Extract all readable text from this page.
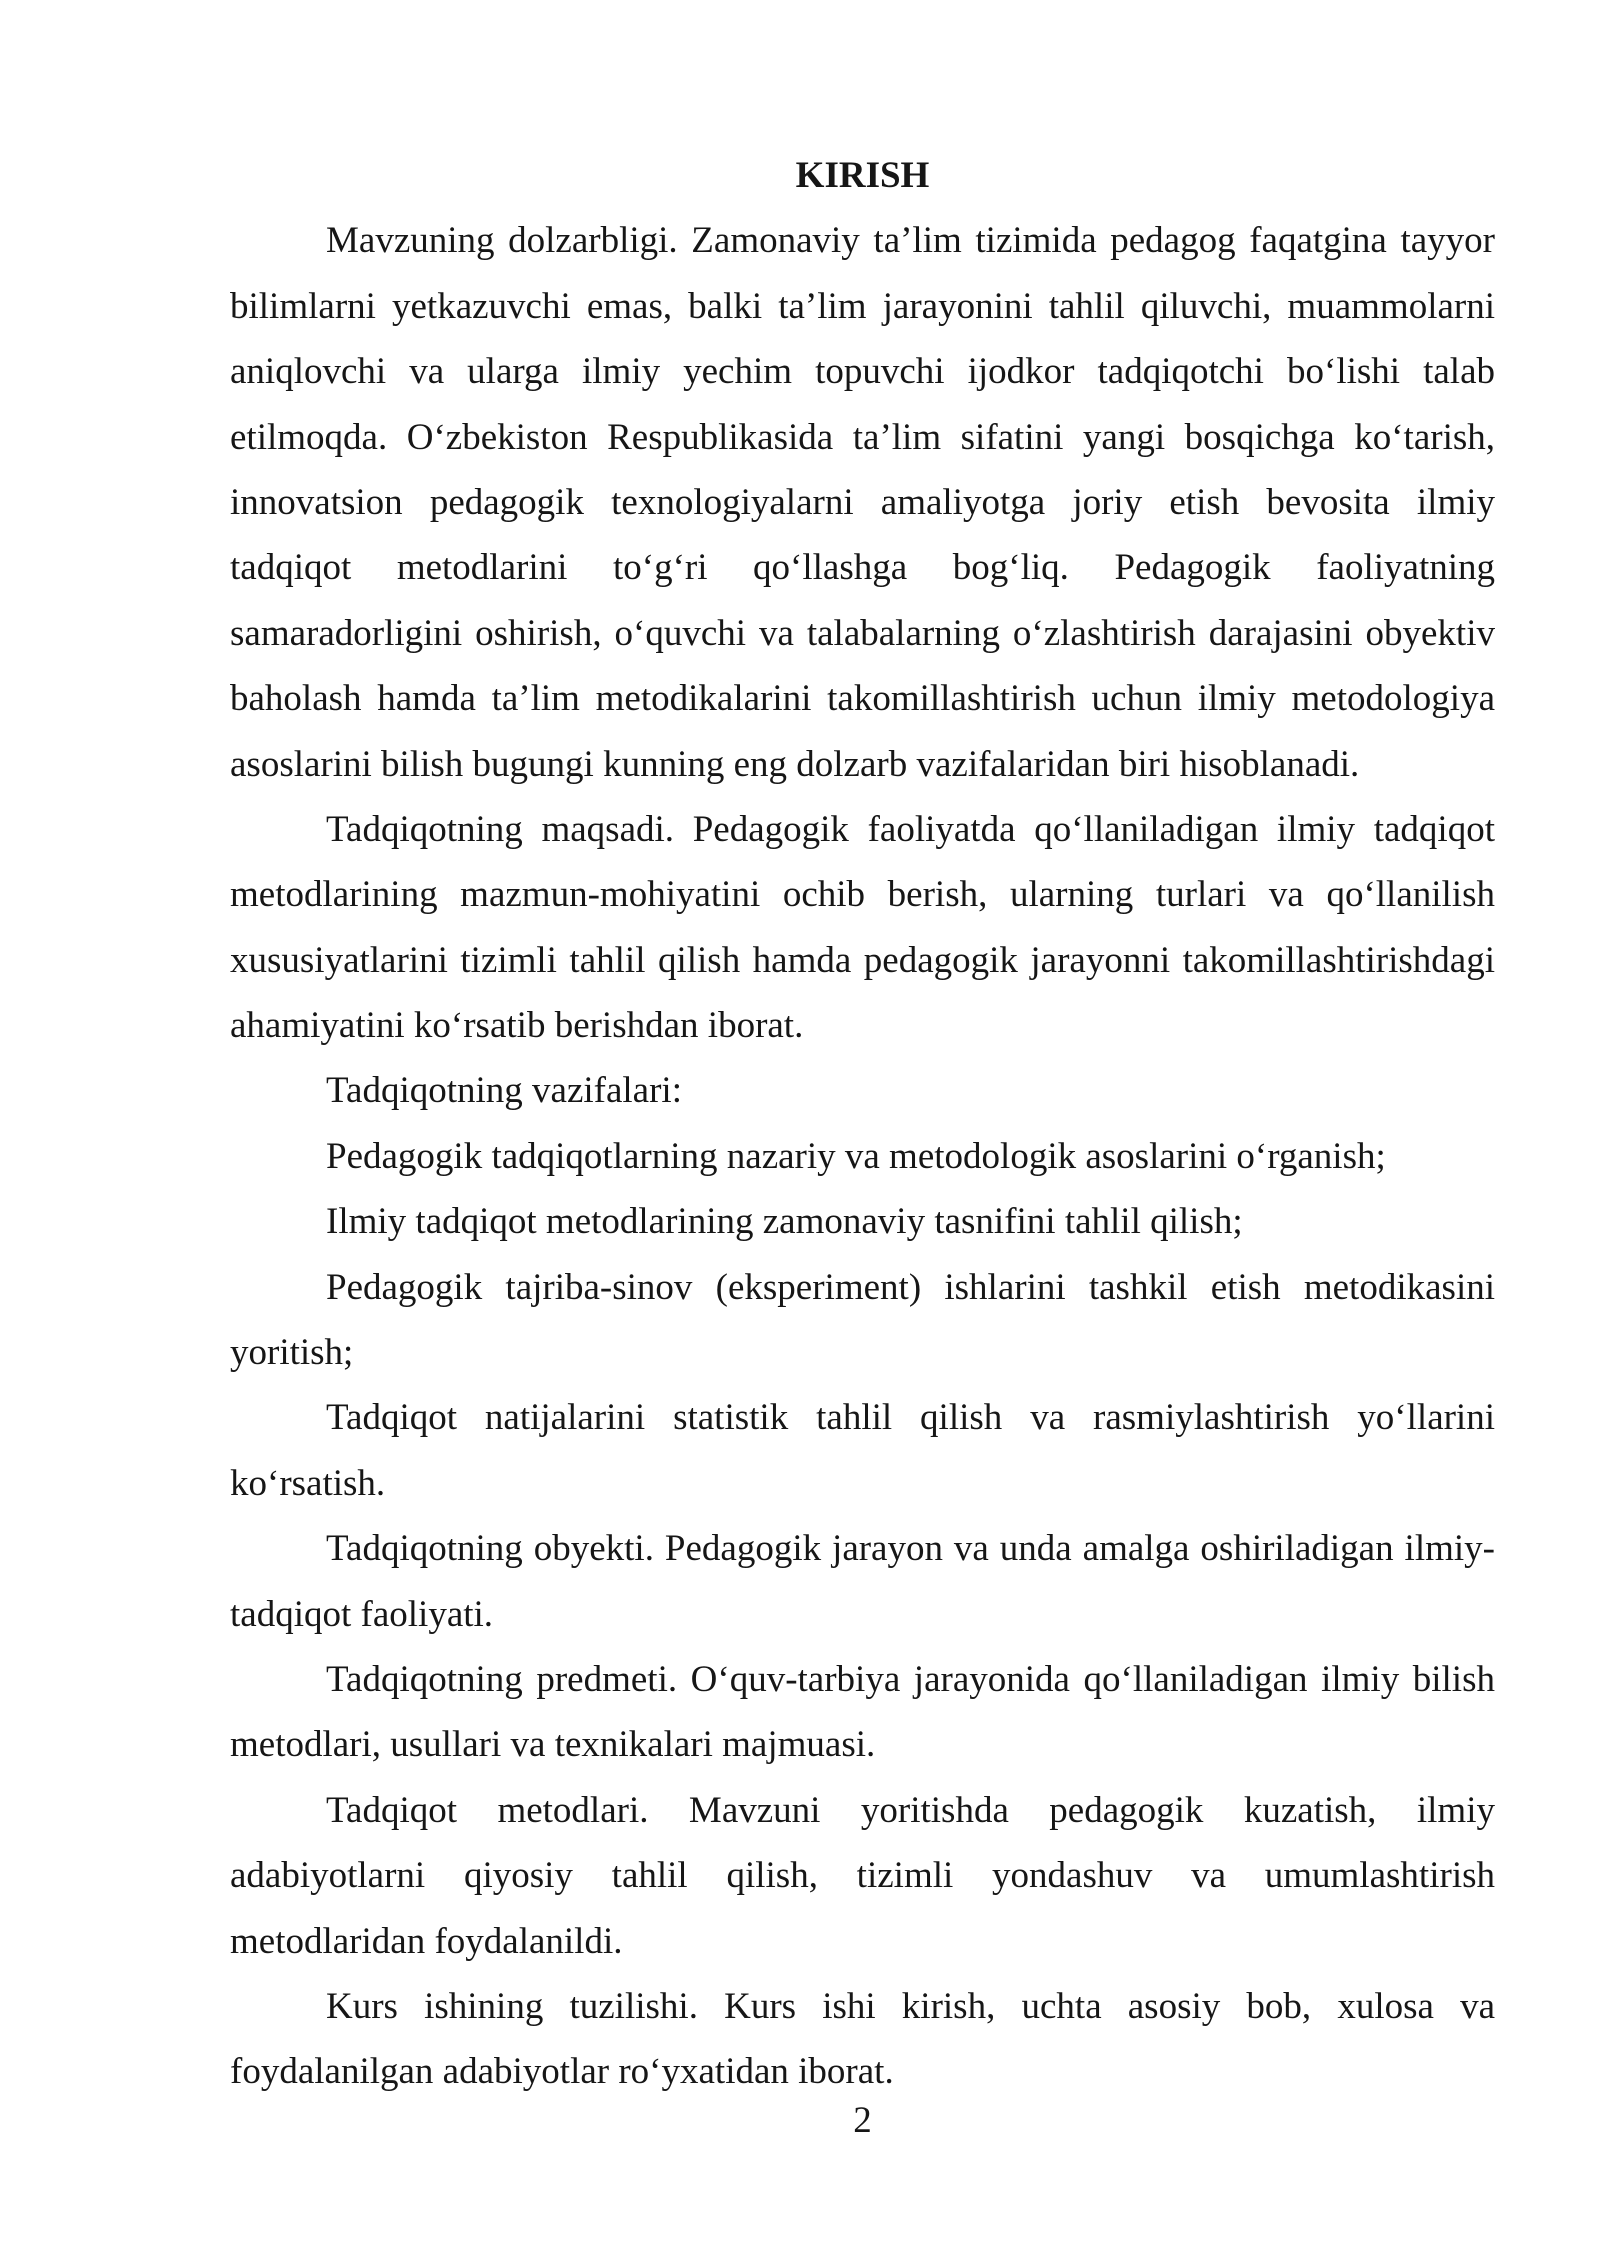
KIRISH
Mavzuning dolzarbligi. Zamonaviy ta’lim tizimida pedagog faqatgina tayyor
bilimlarni yetkazuvchi emas, balki ta’lim jarayonini tahlil qiluvchi, muammolarni
aniqlovchi va ularga ilmiy yechim topuvchi ijodkor tadqiqotchi bo‘lishi talab
etilmoqda. O‘zbekiston Respublikasida ta’lim sifatini yangi bosqichga ko‘tarish,
innovatsion pedagogik texnologiyalarni amaliyotga joriy etish bevosita ilmiy
tadqiqot metodlarini to‘g‘ri qo‘llashga bog‘liq. Pedagogik faoliyatning
samaradorligini oshirish, o‘quvchi va talabalarning o‘zlashtirish darajasini obyektiv
baholash hamda ta’lim metodikalarini takomillashtirish uchun ilmiy metodologiya
asoslarini bilish bugungi kunning eng dolzarb vazifalaridan biri hisoblanadi.
Tadqiqotning maqsadi. Pedagogik faoliyatda qo‘llaniladigan ilmiy tadqiqot
metodlarining mazmun-mohiyatini ochib berish, ularning turlari va qo‘llanilish
xususiyatlarini tizimli tahlil qilish hamda pedagogik jarayonni takomillashtirishdagi
ahamiyatini ko‘rsatib berishdan iborat.
Tadqiqotning vazifalari:
Pedagogik tadqiqotlarning nazariy va metodologik asoslarini o‘rganish;
Ilmiy tadqiqot metodlarining zamonaviy tasnifini tahlil qilish;
Pedagogik tajriba-sinov (eksperiment) ishlarini tashkil etish metodikasini
yoritish;
Tadqiqot natijalarini statistik tahlil qilish va rasmiylashtirish yo‘llarini
ko‘rsatish.
Tadqiqotning obyekti. Pedagogik jarayon va unda amalga oshiriladigan ilmiy-
tadqiqot faoliyati.
Tadqiqotning predmeti. O‘quv-tarbiya jarayonida qo‘llaniladigan ilmiy bilish
metodlari, usullari va texnikalari majmuasi.
Tadqiqot metodlari. Mavzuni yoritishda pedagogik kuzatish, ilmiy
adabiyotlarni qiyosiy tahlil qilish, tizimli yondashuv va umumlashtirish
metodlaridan foydalanildi.
Kurs ishining tuzilishi. Kurs ishi kirish, uchta asosiy bob, xulosa va
foydalanilgan adabiyotlar ro‘yxatidan iborat.
2
